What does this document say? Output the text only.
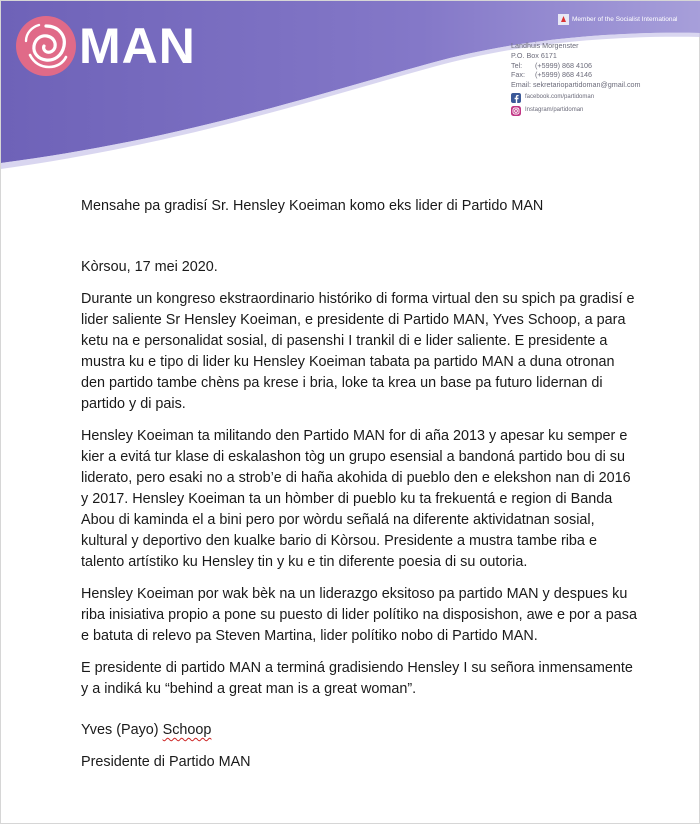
MAN	Member of the Socialist International
Landhuis Morgenster
P.O. Box 6171
Tel: (+5999) 868 4106
Fax: (+5999) 868 4146
Email: sekretariopartidoman@gmail.com
facebook.com/partidoman
Instagram/partidoman

Mensahe pa gradisí Sr. Hensley Koeiman komo eks lider di Partido MAN

Kòrsou, 17 mei 2020.

Durante un kongreso ekstraordinario históriko di forma virtual den su spich pa gradisí e lider saliente Sr Hensley Koeiman, e presidente di Partido MAN, Yves Schoop, a para ketu na e personalidat sosial, di pasenshi I trankil di e lider saliente. E presidente a mustra ku e tipo di lider ku Hensley Koeiman tabata pa partido MAN a duna otronan den partido tambe chèns pa krese i bria, loke ta krea un base pa futuro lidernan di partido y di pais.

Hensley Koeiman ta militando den Partido MAN for di aña 2013 y apesar ku semper e kier a evitá tur klase di eskalashon tòg un grupo esensial a bandoná partido bou di su liderato, pero esaki no a strob’e di haña akohida di pueblo den e elekshon nan di 2016 y 2017. Hensley Koeiman ta un hòmber di pueblo ku ta frekuentá e region di Banda Abou di kaminda el a bini pero por wòrdu señalá na diferente aktividatnan sosial, kultural y deportivo den kualke bario di Kòrsou. Presidente a mustra tambe riba e talento artístiko ku Hensley tin y ku e tin diferente poesia di su outoria.

Hensley Koeiman por wak bèk na un liderazgo eksitoso pa partido MAN y despues ku riba inisiativa propio a pone su puesto di lider polítiko na disposishon, awe e por a pasa e batuta di relevo pa Steven Martina, lider polítiko nobo di Partido MAN.

E presidente di partido MAN a terminá gradisiendo Hensley I su señora inmensamente y a indiká ku “behind a great man is a great woman”.

Yves (Payo) Schoop

Presidente di Partido MAN
